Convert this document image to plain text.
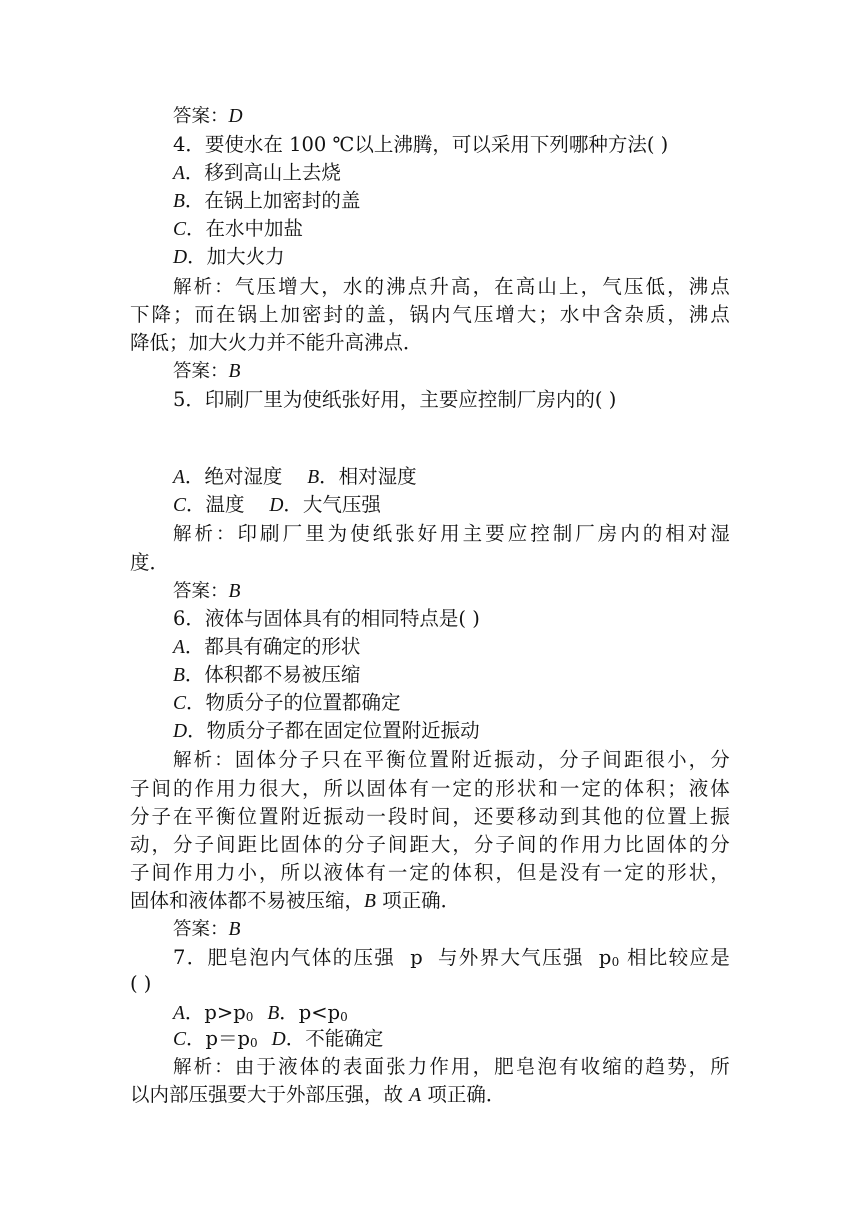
答案：D
4．要使水在 100 ℃以上沸腾，可以采用下列哪种方法( )
A．移到高山上去烧
B．在锅上加密封的盖
C．在水中加盐
D．加大火力
解析：气压增大，水的沸点升高，在高山上，气压低，沸点
下降；而在锅上加密封的盖，锅内气压增大；水中含杂质，沸点
降低；加大火力并不能升高沸点．
答案：B
5．印刷厂里为使纸张好用，主要应控制厂房内的( )
A．绝对湿度    B．相对湿度
C．温度    D．大气压强
解析：印刷厂里为使纸张好用主要应控制厂房内的相对湿
度．
答案：B
6．液体与固体具有的相同特点是( )
A．都具有确定的形状
B．体积都不易被压缩
C．物质分子的位置都确定
D．物质分子都在固定位置附近振动
解析：固体分子只在平衡位置附近振动，分子间距很小，分
子间的作用力很大，所以固体有一定的形状和一定的体积；液体
分子在平衡位置附近振动一段时间，还要移动到其他的位置上振
动，分子间距比固体的分子间距大，分子间的作用力比固体的分
子间作用力小，所以液体有一定的体积，但是没有一定的形状，
固体和液体都不易被压缩，B 项正确．
答案：B
7．肥皂泡内气体的压强  p  与外界大气压强  $p_0$ 相比较应是
( )
A．$p>p_0$ B．$p<p_0$
C．$p=p_0$ D．不能确定
解析：由于液体的表面张力作用，肥皂泡有收缩的趋势，所
以内部压强要大于外部压强，故 A 项正确．
